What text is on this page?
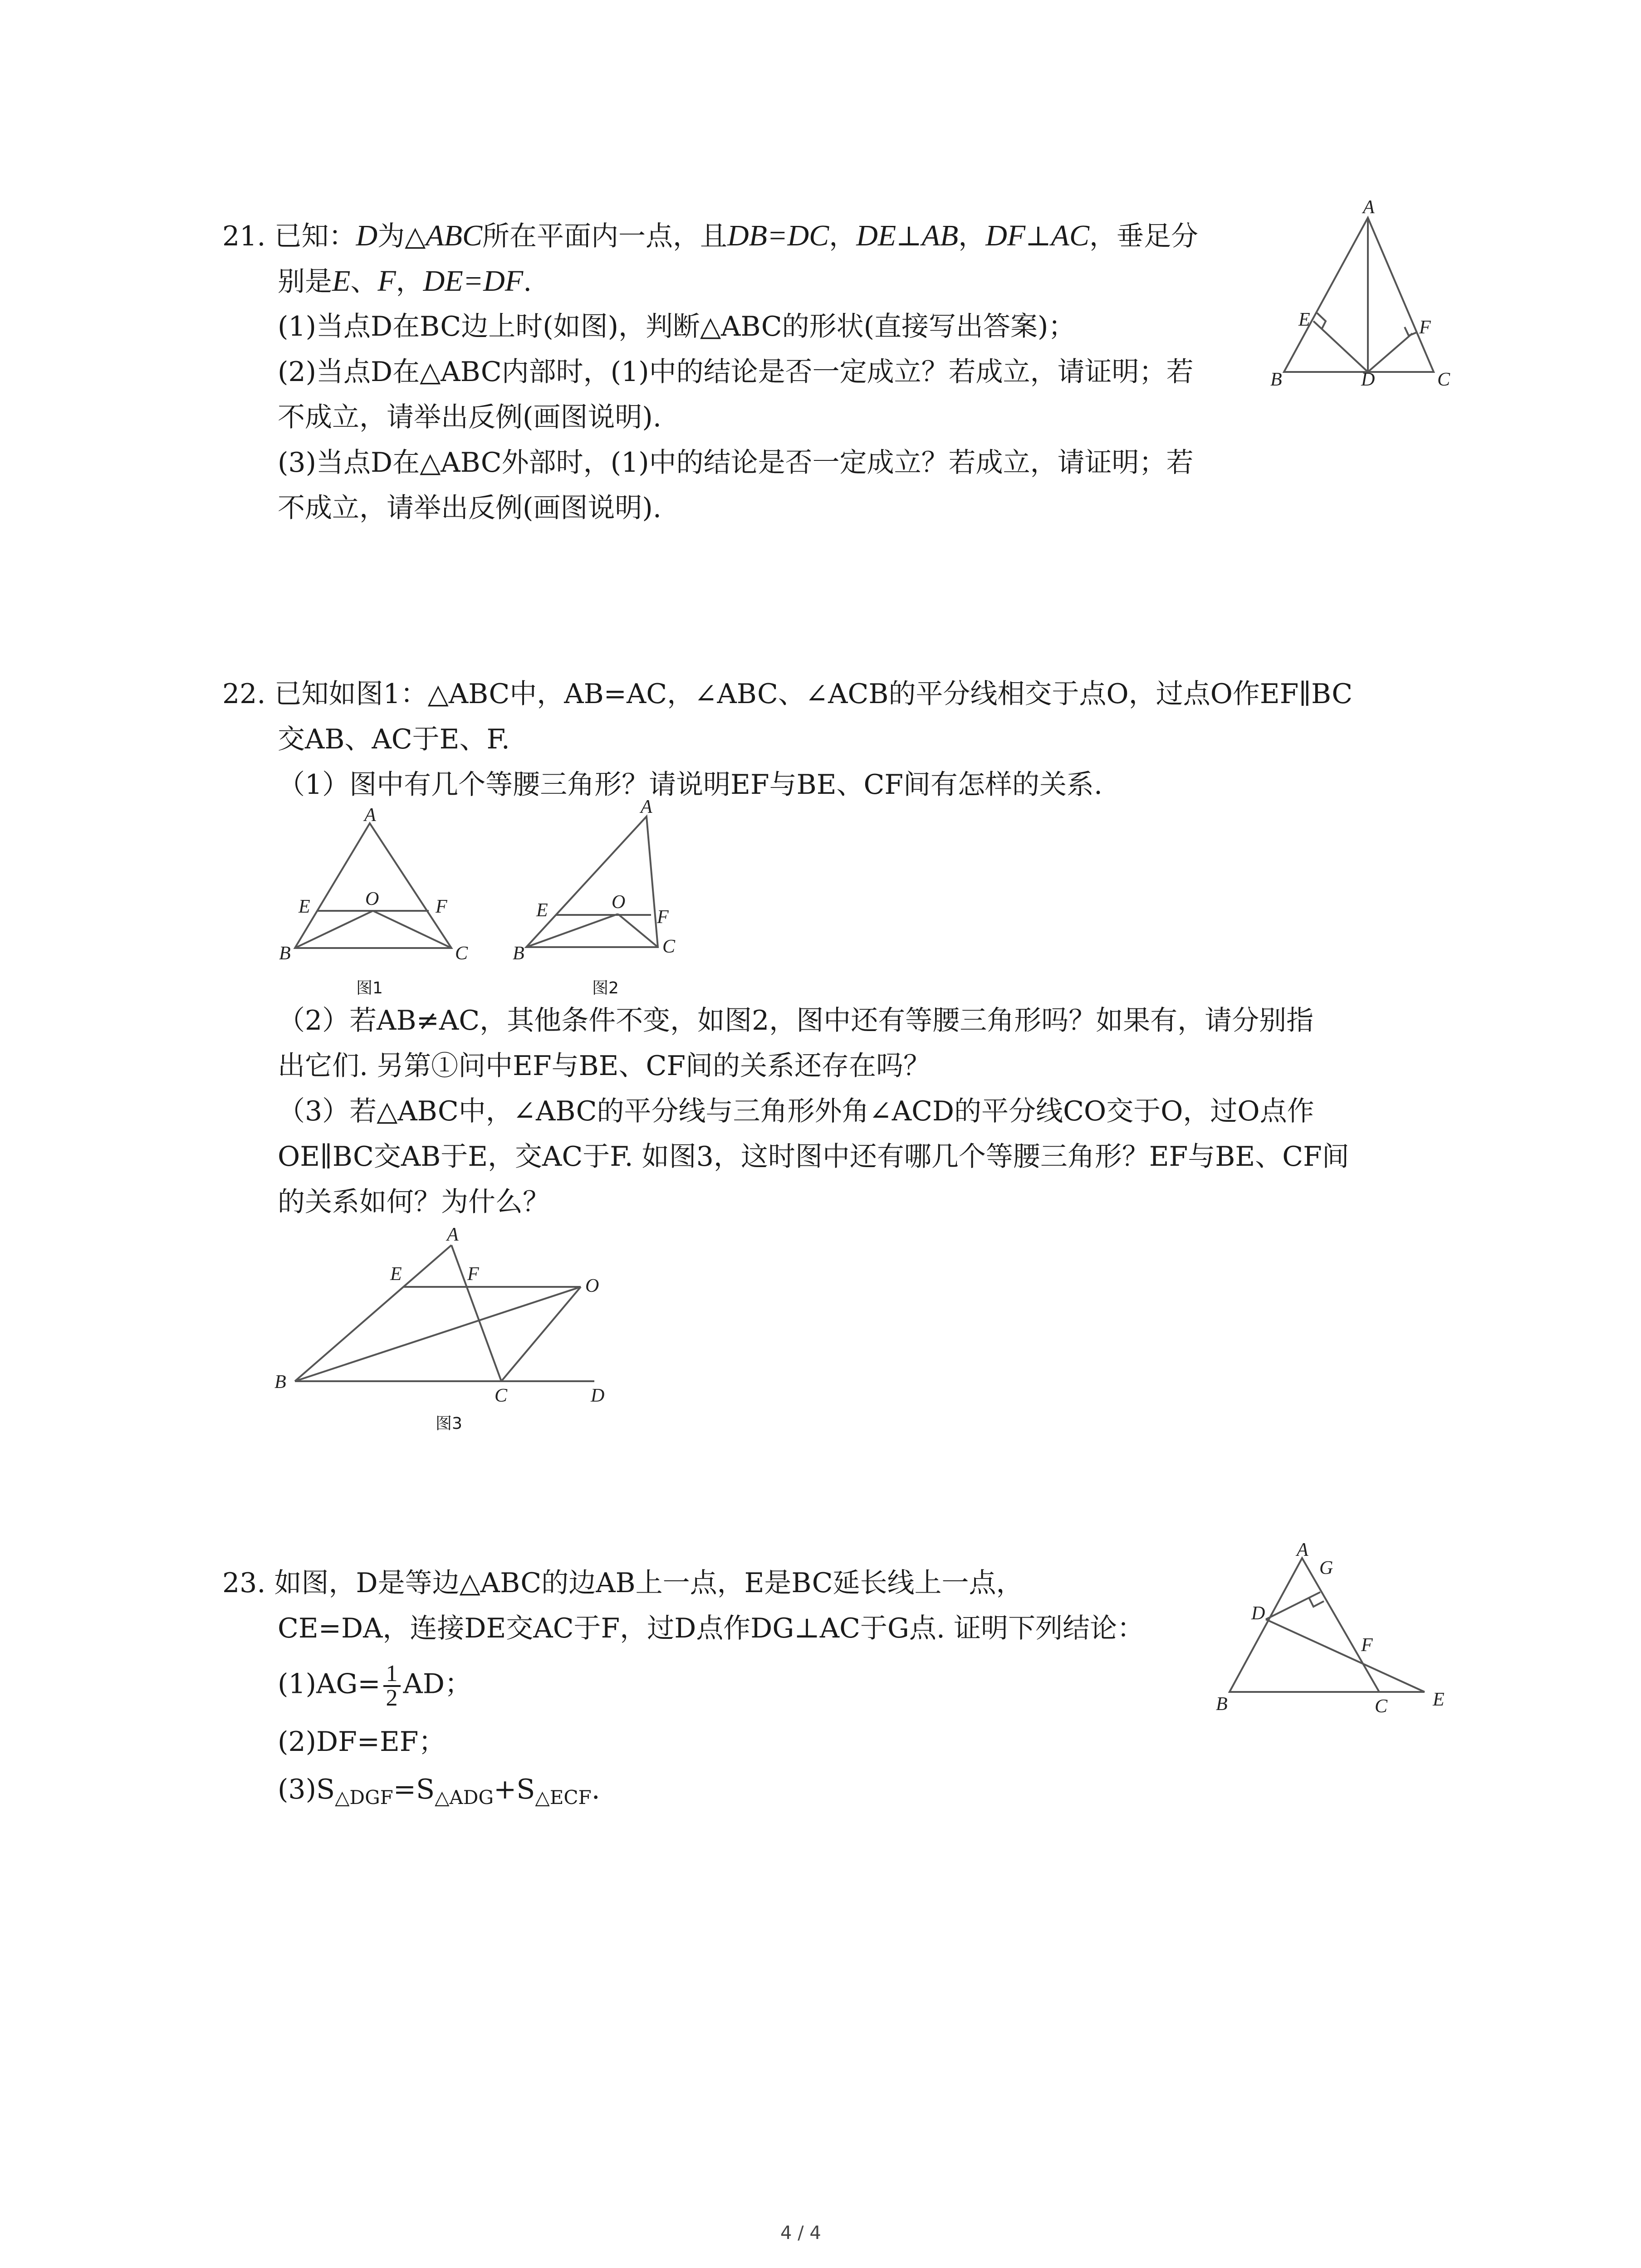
21. 已知：D为△ABC所在平面内一点，且DB=DC，DE⊥AB，DF⊥AC，垂足分
别是E、F，DE=DF.
(1)当点D在BC边上时(如图)，判断△ABC的形状(直接写出答案)；
(2)当点D在△ABC内部时，(1)中的结论是否一定成立？若成立，请证明；若
不成立，请举出反例(画图说明).
(3)当点D在△ABC外部时，(1)中的结论是否一定成立？若成立，请证明；若
不成立，请举出反例(画图说明).
A
B	C
D
E	F
22. 已知如图1：△ABC中，AB=AC，∠ABC、∠ACB的平分线相交于点O，过点O作EF∥BC
交AB、AC于E、F.
（1）图中有几个等腰三角形？请说明EF与BE、CF间有怎样的关系.
A
B	C
E	O	F
图1
A
B	C
E	O
F
图2
（2）若AB≠AC，其他条件不变，如图2，图中还有等腰三角形吗？如果有，请分别指
出它们. 另第①问中EF与BE、CF间的关系还存在吗？
（3）若△ABC中，∠ABC的平分线与三角形外角∠ACD的平分线CO交于O，过O点作
OE∥BC交AB于E，交AC于F. 如图3，这时图中还有哪几个等腰三角形？EF与BE、CF间
的关系如何？为什么？
A
B
C	D
E	F
O
图3
23. 如图，D是等边△ABC的边AB上一点，E是BC延长线上一点，
CE=DA，连接DE交AC于F，过D点作DG⊥AC于G点. 证明下列结论：
$(1)AG= \frac{1}{2}$ AD；
(2)DF=EF；
$(3)S_{\triangle DGF}=S_{\triangle ADG}+S_{\triangle ECF}$.
A
G
D
F
B	C E
4 / 4
